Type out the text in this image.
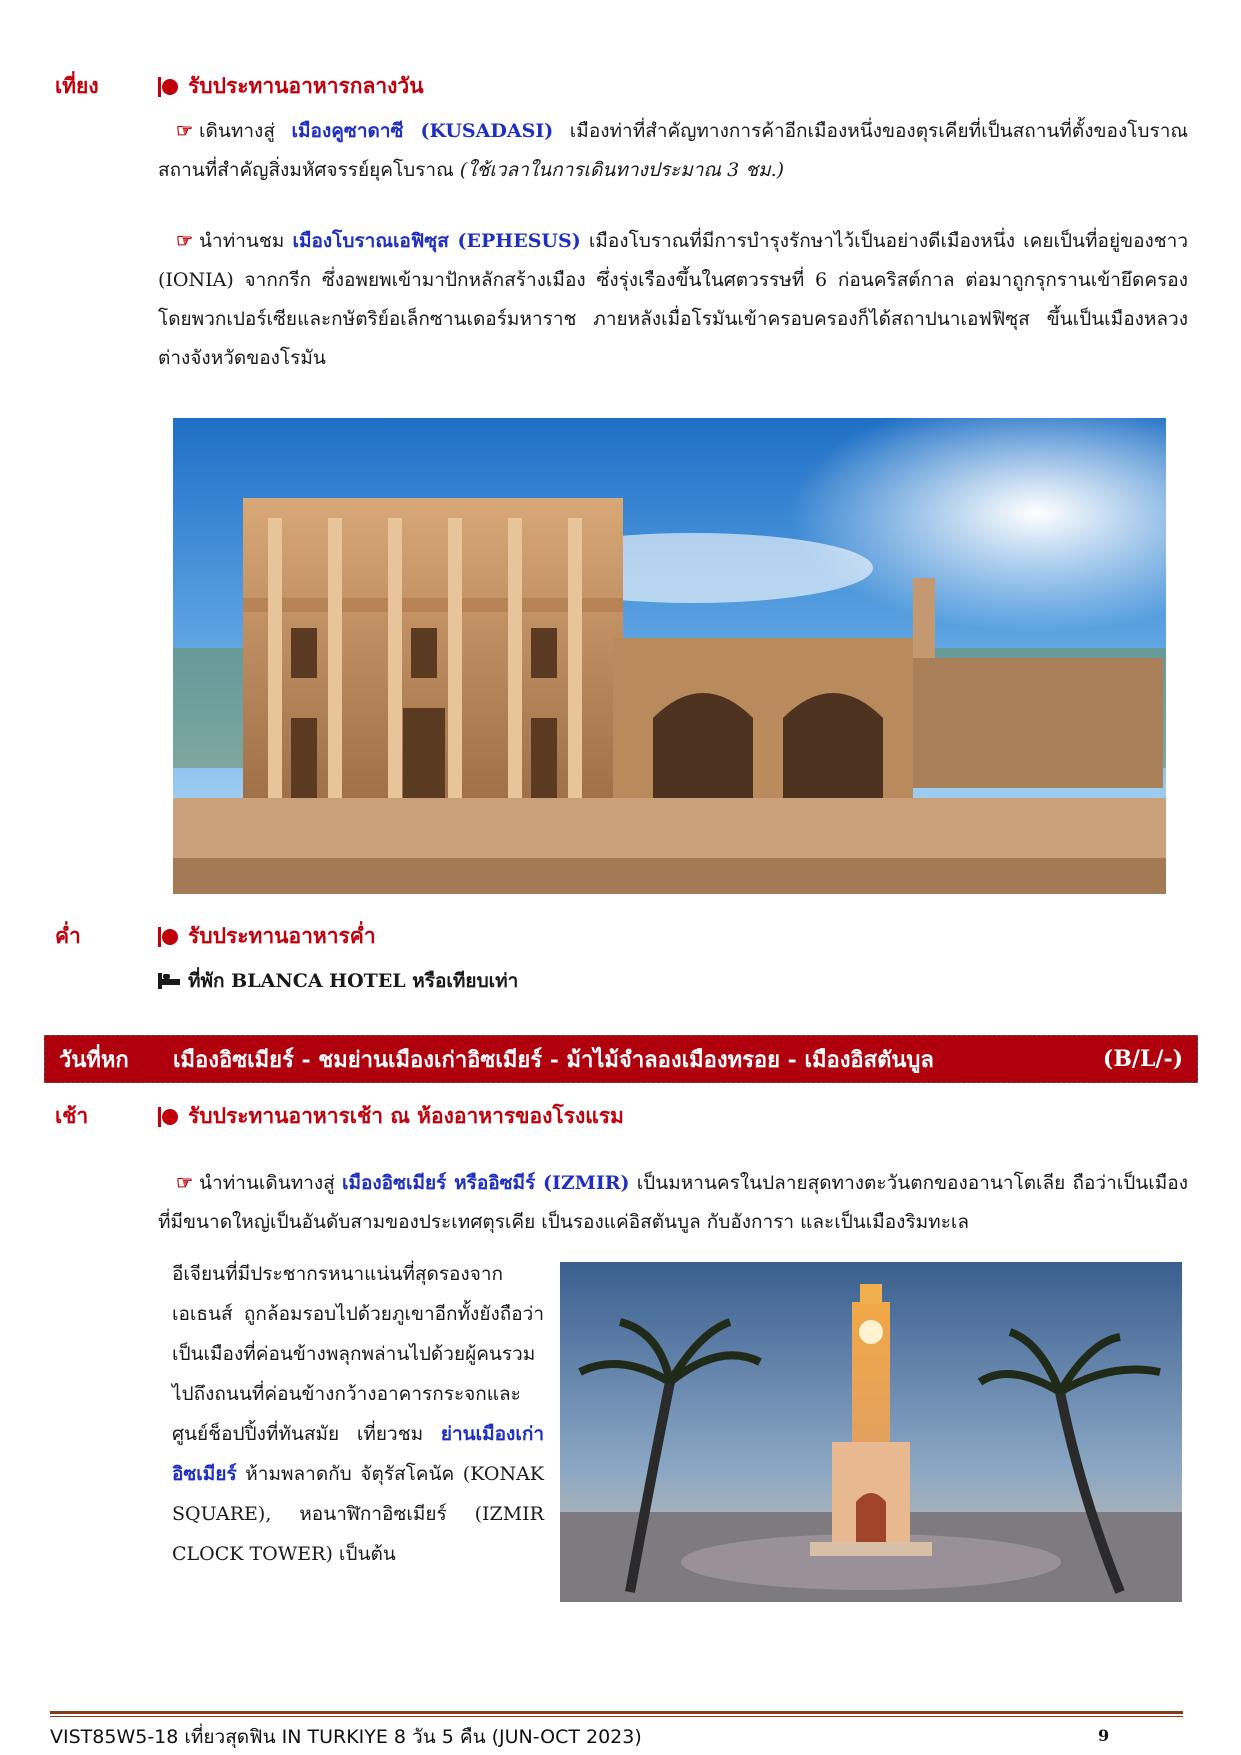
เที่ยง	รับประทานอาหารกลางวัน
☞ เดินทางสู่ เมืองคูซาดาซี (KUSADASI) เมืองท่าที่สำคัญทางการค้าอีกเมืองหนึ่งของตุรเคียที่เป็นสถานที่ตั้งของโบราณสถานที่สำคัญสิ่งมหัศจรรย์ยุคโบราณ (ใช้เวลาในการเดินทางประมาณ 3 ชม.)
☞ นำท่านชม เมืองโบราณเอฟิซุส (EPHESUS) เมืองโบราณที่มีการบำรุงรักษาไว้เป็นอย่างดีเมืองหนึ่ง เคยเป็นที่อยู่ของชาว (IONIA) จากกรีก ซึ่งอพยพเข้ามาปักหลักสร้างเมือง ซึ่งรุ่งเรืองขึ้นในศตวรรษที่ 6 ก่อนคริสต์กาล ต่อมาถูกรุกรานเข้ายึดครองโดยพวกเปอร์เซียและกษัตริย์อเล็กซานเดอร์มหาราช ภายหลังเมื่อโรมันเข้าครอบครองก็ได้สถาปนาเอฟฟิซุส ขึ้นเป็นเมืองหลวงต่างจังหวัดของโรมัน
ค่ำ	รับประทานอาหารค่ำ
ที่พัก BLANCA HOTEL หรือเทียบเท่า
วันที่หก เมืองอิซเมียร์ - ชมย่านเมืองเก่าอิซเมียร์ - ม้าไม้จำลองเมืองทรอย - เมืองอิสตันบูล	(B/L/-)
เช้า	รับประทานอาหารเช้า ณ ห้องอาหารของโรงแรม
☞ นำท่านเดินทางสู่ เมืองอิซเมียร์ หรืออิซมีร์ (IZMIR) เป็นมหานครในปลายสุดทางตะวันตกของอานาโตเลีย ถือว่าเป็นเมืองที่มีขนาดใหญ่เป็นอันดับสามของประเทศตุรเคีย เป็นรองแค่อิสตันบูล กับอังการา และเป็นเมืองริมทะเล
อีเจียนที่มีประชากรหนาแน่นที่สุดรองจากเอเธนส์ ถูกล้อมรอบไปด้วยภูเขาอีกทั้งยังถือว่าเป็นเมืองที่ค่อนข้างพลุกพล่านไปด้วยผู้คนรวมไปถึงถนนที่ค่อนข้างกว้างอาคารกระจกและศูนย์ช็อปปิ้งที่ทันสมัย เที่ยวชม ย่านเมืองเก่าอิซเมียร์ ห้ามพลาดกับ จัตุรัสโคนัค (KONAK SQUARE), หอนาฬิกาอิซเมียร์ (IZMIR CLOCK TOWER) เป็นต้น
VIST85W5-18 เที่ยวสุดฟิน IN TURKIYE 8 วัน 5 คืน (JUN-OCT 2023)	9
